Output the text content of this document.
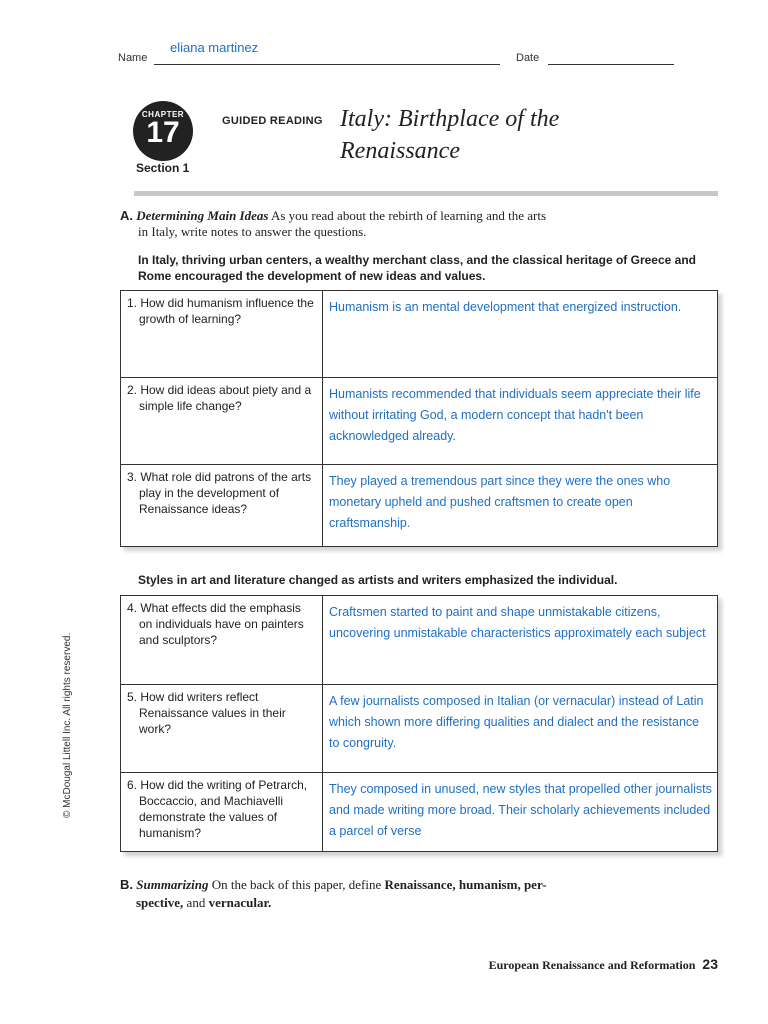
Name
eliana martinez
Date
CHAPTER
17
Section 1
GUIDED READING Italy: Birthplace of the Renaissance
A. Determining Main Ideas As you read about the rebirth of learning and the arts
in Italy, write notes to answer the questions.
In Italy, thriving urban centers, a wealthy merchant class, and the classical heritage of Greece and Rome encouraged the development of new ideas and values.
1. How did humanism influence the growth of learning?	Humanism is an mental development that energized instruction.

2. How did ideas about piety and a simple life change?	Humanists recommended that individuals seem appreciate their life without irritating God, a modern concept that hadn't been acknowledged already.

3. What role did patrons of the arts play in the development of Renaissance ideas?	They played a tremendous part since they were the ones who monetary upheld and pushed craftsmen to create open craftsmanship.
Styles in art and literature changed as artists and writers emphasized the individual.
4. What effects did the emphasis on individuals have on painters and sculptors?	Craftsmen started to paint and shape unmistakable citizens, uncovering unmistakable characteristics approximately each subject

5. How did writers reflect Renaissance values in their work?	A few journalists composed in Italian (or vernacular) instead of Latin which shown more differing qualities and dialect and the resistance to congruity.

6. How did the writing of Petrarch, Boccaccio, and Machiavelli demonstrate the values of humanism?	They composed in unused, new styles that propelled other journalists and made writing more broad. Their scholarly achievements included a parcel of verse
B. Summarizing On the back of this paper, define Renaissance, humanism, per-
spective, and vernacular.
© McDougal Littell Inc. All rights reserved.
European Renaissance and Reformation 23
